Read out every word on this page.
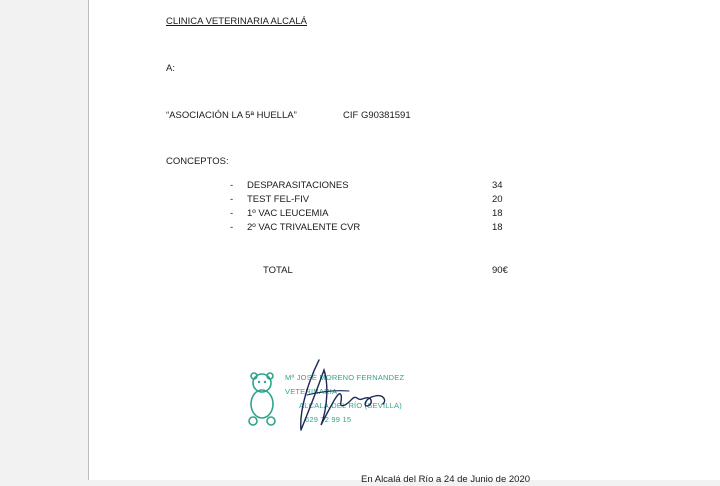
CLINICA VETERINARIA ALCALÁ
A:
“ASOCIACIÓN LA 5ª HUELLA”	CIF G90381591
CONCEPTOS:
- DESPARASITACIONES	34
- TEST FEL-FIV	20
- 1º VAC LEUCEMIA	18
- 2º VAC TRIVALENTE CVR	18
TOTAL	90€
Mª JOSÉ MORENO FERNANDEZ
VETERINARIA
ALCALÁ DEL RÍO (SEVILLA)
629 72 99 15
En Alcalá del Río a 24 de Junio de 2020
